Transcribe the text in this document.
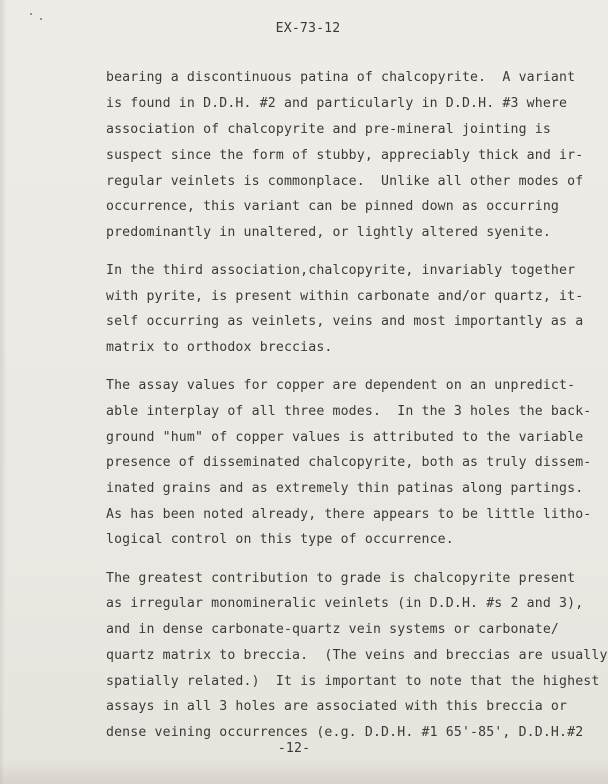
EX-73-12
bearing a discontinuous patina of chalcopyrite.  A variant
is found in D.D.H. #2 and particularly in D.D.H. #3 where
association of chalcopyrite and pre-mineral jointing is
suspect since the form of stubby, appreciably thick and ir-
regular veinlets is commonplace.  Unlike all other modes of
occurrence, this variant can be pinned down as occurring
predominantly in unaltered, or lightly altered syenite.
In the third association,chalcopyrite, invariably together
with pyrite, is present within carbonate and/or quartz, it-
self occurring as veinlets, veins and most importantly as a
matrix to orthodox breccias.
The assay values for copper are dependent on an unpredict-
able interplay of all three modes.  In the 3 holes the back-
ground "hum" of copper values is attributed to the variable
presence of disseminated chalcopyrite, both as truly dissem-
inated grains and as extremely thin patinas along partings.
As has been noted already, there appears to be little litho-
logical control on this type of occurrence.
The greatest contribution to grade is chalcopyrite present
as irregular monomineralic veinlets (in D.D.H. #s 2 and 3),
and in dense carbonate-quartz vein systems or carbonate/
quartz matrix to breccia.  (The veins and breccias are usually
spatially related.)  It is important to note that the highest
assays in all 3 holes are associated with this breccia or
dense veining occurrences (e.g. D.D.H. #1 65'-85', D.D.H.#2
-12-
